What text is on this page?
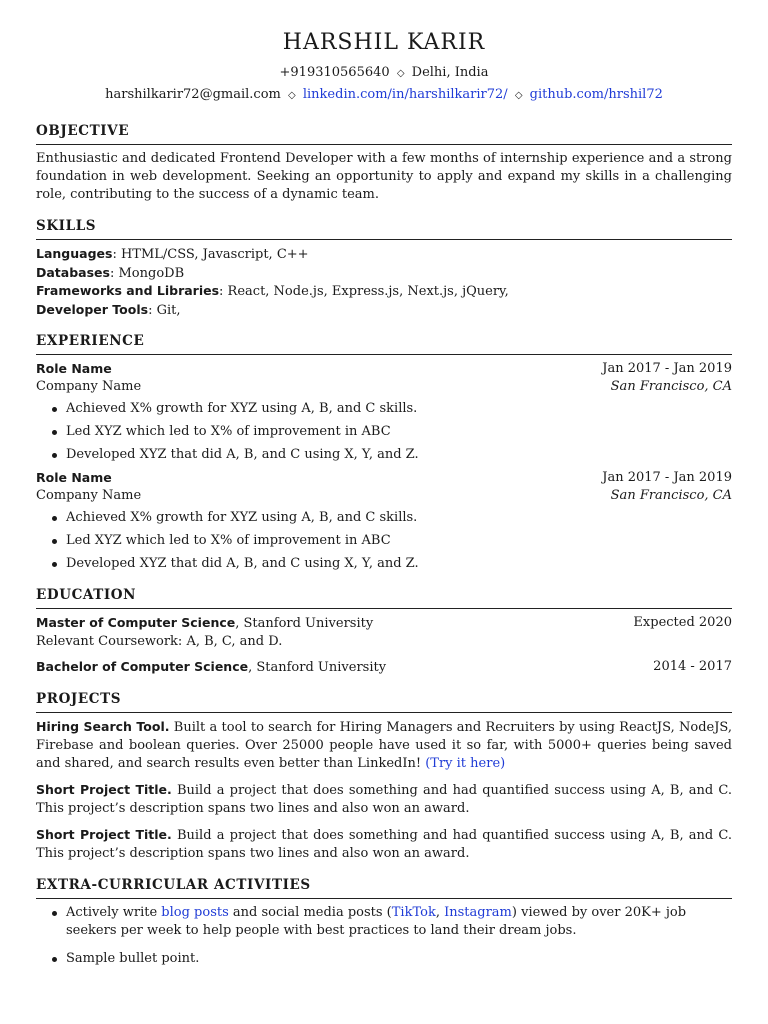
HARSHIL KARIR
+919310565640 ◇ Delhi, India
harshilkarir72@gmail.com ◇ linkedin.com/in/harshilkarir72/ ◇ github.com/hrshil72
OBJECTIVE
Enthusiastic and dedicated Frontend Developer with a few months of internship experience and a strong foundation in web development. Seeking an opportunity to apply and expand my skills in a challenging role, contributing to the success of a dynamic team.
SKILLS
Languages: HTML/CSS, Javascript, C++
Databases: MongoDB
Frameworks and Libraries: React, Node.js, Express.js, Next.js, jQuery,
Developer Tools: Git,
EXPERIENCE
Role Name	Jan 2017 - Jan 2019
Company Name	San Francisco, CA
Achieved X% growth for XYZ using A, B, and C skills.
Led XYZ which led to X% of improvement in ABC
Developed XYZ that did A, B, and C using X, Y, and Z.
Role Name	Jan 2017 - Jan 2019
Company Name	San Francisco, CA
Achieved X% growth for XYZ using A, B, and C skills.
Led XYZ which led to X% of improvement in ABC
Developed XYZ that did A, B, and C using X, Y, and Z.
EDUCATION
Master of Computer Science, Stanford University	Expected 2020
Relevant Coursework: A, B, C, and D.
Bachelor of Computer Science, Stanford University	2014 - 2017
PROJECTS
Hiring Search Tool. Built a tool to search for Hiring Managers and Recruiters by using ReactJS, NodeJS, Firebase and boolean queries. Over 25000 people have used it so far, with 5000+ queries being saved and shared, and search results even better than LinkedIn! (Try it here)
Short Project Title. Build a project that does something and had quantified success using A, B, and C. This project’s description spans two lines and also won an award.
Short Project Title. Build a project that does something and had quantified success using A, B, and C. This project’s description spans two lines and also won an award.
EXTRA-CURRICULAR ACTIVITIES
Actively write blog posts and social media posts (TikTok, Instagram) viewed by over 20K+ job seekers per week to help people with best practices to land their dream jobs.
Sample bullet point.
